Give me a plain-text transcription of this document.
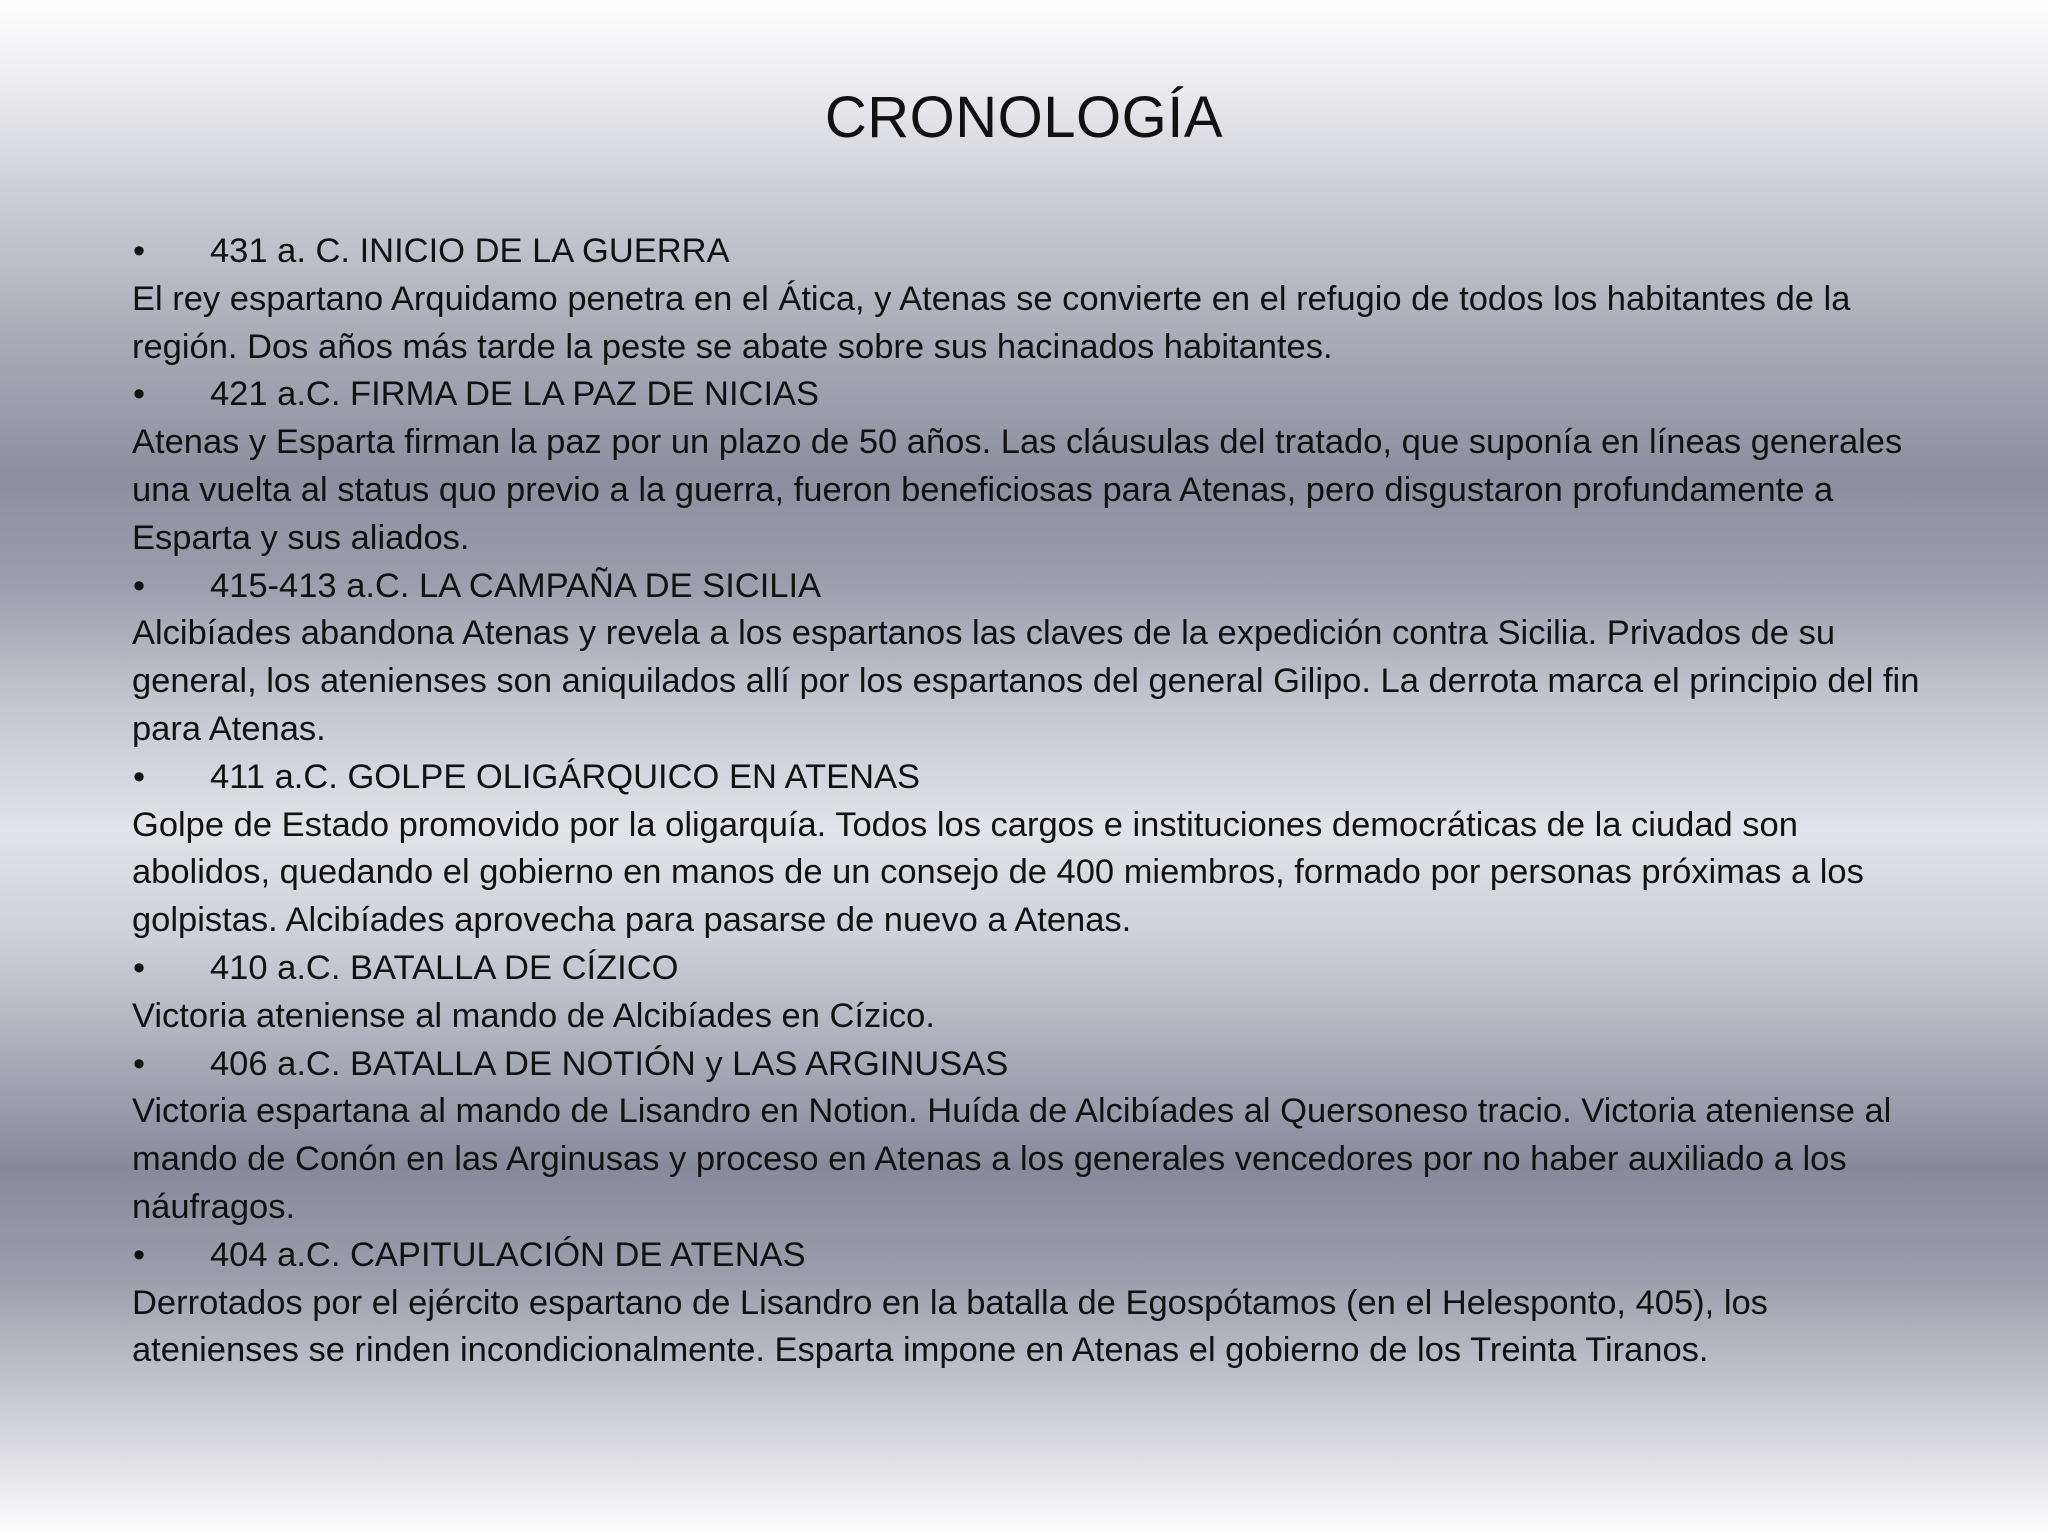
CRONOLOGÍA
•	431 a. C. INICIO DE LA GUERRA

El rey espartano Arquidamo penetra en el Ática, y Atenas se convierte en el refugio de todos los habitantes de la región. Dos años más tarde la peste se abate sobre sus hacinados habitantes.

•	421 a.C. FIRMA DE LA PAZ DE NICIAS

Atenas y Esparta firman la paz por un plazo de 50 años. Las cláusulas del tratado, que suponía en líneas generales una vuelta al status quo previo a la guerra, fueron beneficiosas para Atenas, pero disgustaron profundamente a Esparta y sus aliados.

•	415-413 a.C. LA CAMPAÑA DE SICILIA

Alcibíades abandona Atenas y revela a los espartanos las claves de la expedición contra Sicilia. Privados de su general, los atenienses son aniquilados allí por los espartanos del general Gilipo. La derrota marca el principio del fin para Atenas.

•	411 a.C. GOLPE OLIGÁRQUICO EN ATENAS

Golpe de Estado promovido por la oligarquía. Todos los cargos e instituciones democráticas de la ciudad son abolidos, quedando el gobierno en manos de un consejo de 400 miembros, formado por personas próximas a los golpistas. Alcibíades aprovecha para pasarse de nuevo a Atenas.

•	410 a.C. BATALLA DE CÍZICO

Victoria ateniense al mando de Alcibíades en Cízico.

•	406 a.C. BATALLA DE NOTIÓN y LAS ARGINUSAS

Victoria espartana al mando de Lisandro en Notion. Huída de Alcibíades al Quersoneso tracio. Victoria ateniense al mando de Conón en las Arginusas y proceso en Atenas a los generales vencedores por no haber auxiliado a los náufragos.

•	404 a.C. CAPITULACIÓN DE ATENAS

Derrotados por el ejército espartano de Lisandro en la batalla de Egospótamos (en el Helesponto, 405), los atenienses se rinden incondicionalmente. Esparta impone en Atenas el gobierno de los Treinta Tiranos.
